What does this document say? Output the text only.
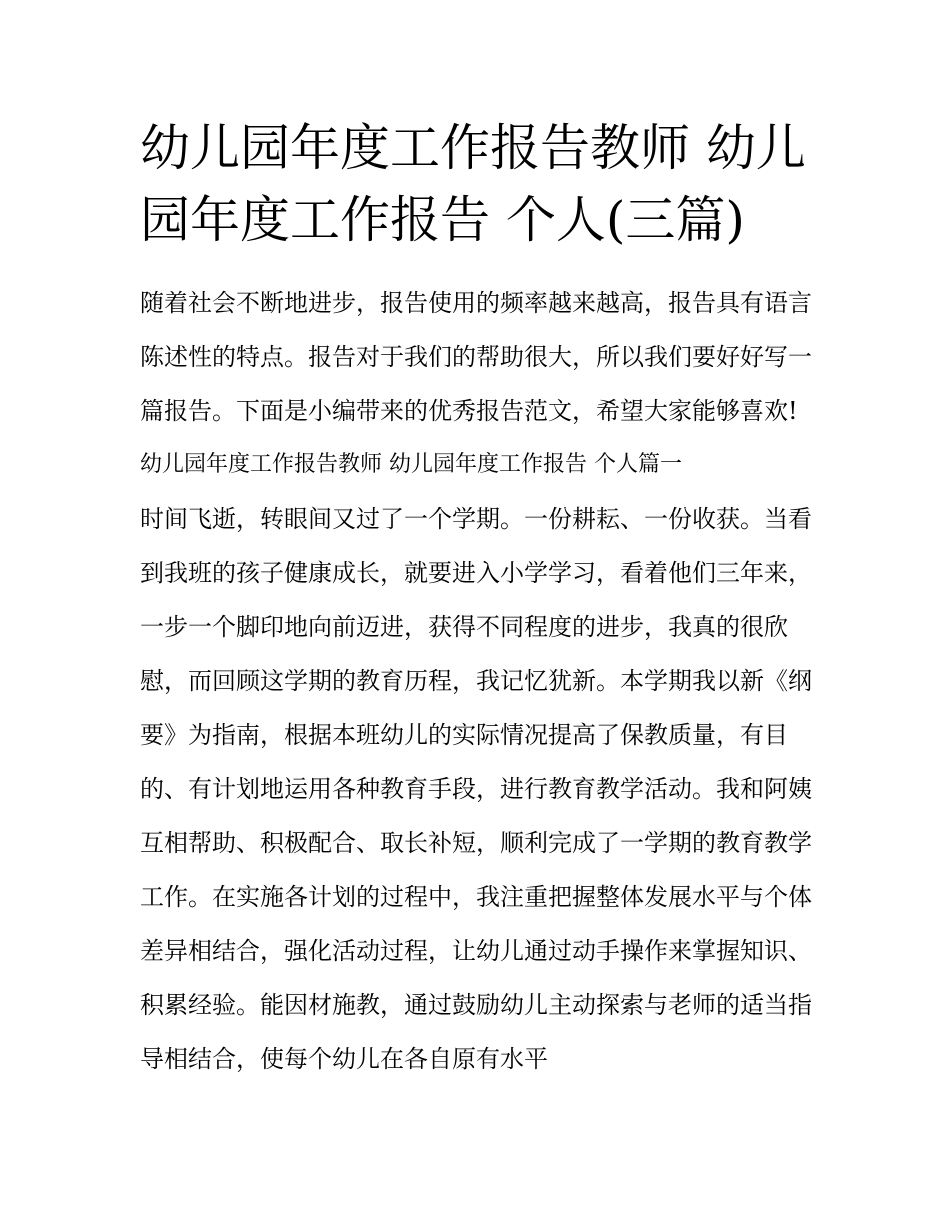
幼儿园年度工作报告教师 幼儿园年度工作报告 个人(三篇)

随着社会不断地进步，报告使用的频率越来越高，报告具有语言陈述性的特点。报告对于我们的帮助很大，所以我们要好好写一篇报告。下面是小编带来的优秀报告范文，希望大家能够喜欢!

幼儿园年度工作报告教师 幼儿园年度工作报告 个人篇一

时间飞逝，转眼间又过了一个学期。一份耕耘、一份收获。当看到我班的孩子健康成长，就要进入小学学习，看着他们三年来，一步一个脚印地向前迈进，获得不同程度的进步，我真的很欣慰，而回顾这学期的教育历程，我记忆犹新。本学期我以新《纲要》为指南，根据本班幼儿的实际情况提高了保教质量，有目的、有计划地运用各种教育手段，进行教育教学活动。我和阿姨互相帮助、积极配合、取长补短，顺利完成了一学期的教育教学工作。在实施各计划的过程中，我注重把握整体发展水平与个体差异相结合，强化活动过程，让幼儿通过动手操作来掌握知识、积累经验。能因材施教，通过鼓励幼儿主动探索与老师的适当指导相结合，使每个幼儿在各自原有水平
